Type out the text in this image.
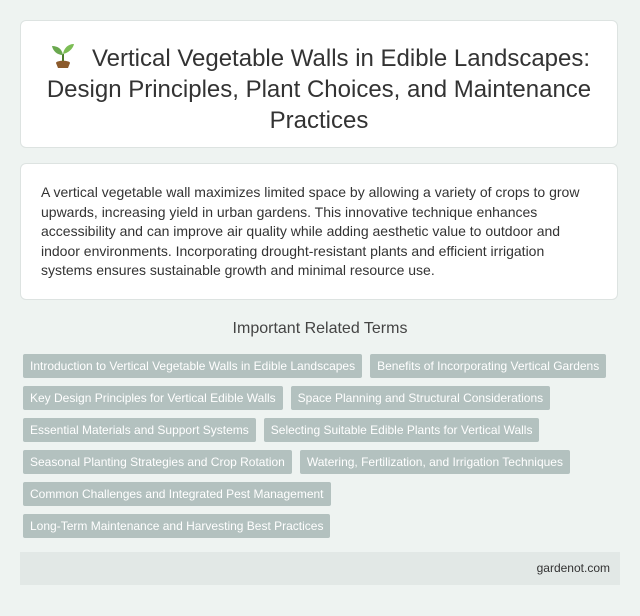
Vertical Vegetable Walls in Edible Landscapes: Design Principles, Plant Choices, and Maintenance Practices

A vertical vegetable wall maximizes limited space by allowing a variety of crops to grow upwards, increasing yield in urban gardens. This innovative technique enhances accessibility and can improve air quality while adding aesthetic value to outdoor and indoor environments. Incorporating drought-resistant plants and efficient irrigation systems ensures sustainable growth and minimal resource use.

Important Related Terms
Introduction to Vertical Vegetable Walls in Edible Landscapes	Benefits of Incorporating Vertical Gardens
Key Design Principles for Vertical Edible Walls	Space Planning and Structural Considerations
Essential Materials and Support Systems	Selecting Suitable Edible Plants for Vertical Walls
Seasonal Planting Strategies and Crop Rotation	Watering, Fertilization, and Irrigation Techniques
Common Challenges and Integrated Pest Management
Long-Term Maintenance and Harvesting Best Practices
gardenot.com
